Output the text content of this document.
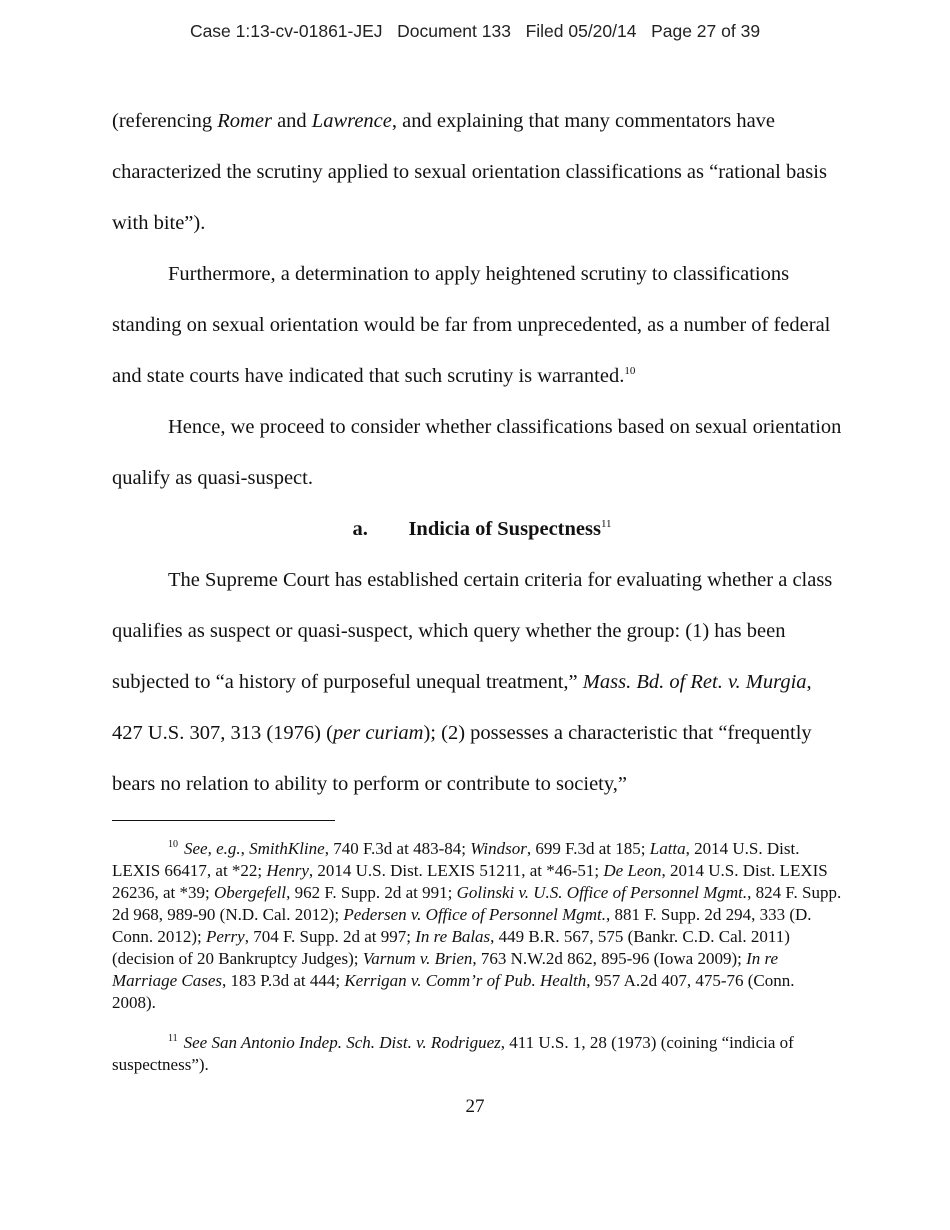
Case 1:13-cv-01861-JEJ Document 133 Filed 05/20/14 Page 27 of 39

(referencing Romer and Lawrence, and explaining that many commentators have characterized the scrutiny applied to sexual orientation classifications as “rational basis with bite”).

Furthermore, a determination to apply heightened scrutiny to classifications standing on sexual orientation would be far from unprecedented, as a number of federal and state courts have indicated that such scrutiny is warranted.$^{10}$

Hence, we proceed to consider whether classifications based on sexual orientation qualify as quasi-suspect.

a. Indicia of Suspectness$^{11}$

The Supreme Court has established certain criteria for evaluating whether a class qualifies as suspect or quasi-suspect, which query whether the group: (1) has been subjected to “a history of purposeful unequal treatment,” Mass. Bd. of Ret. v. Murgia, 427 U.S. 307, 313 (1976) (per curiam); (2) possesses a characteristic that “frequently bears no relation to ability to perform or contribute to society,”

$^{10}$ See, e.g., SmithKline, 740 F.3d at 483-84; Windsor, 699 F.3d at 185; Latta, 2014 U.S. Dist. LEXIS 66417, at *22; Henry, 2014 U.S. Dist. LEXIS 51211, at *46-51; De Leon, 2014 U.S. Dist. LEXIS 26236, at *39; Obergefell, 962 F. Supp. 2d at 991; Golinski v. U.S. Office of Personnel Mgmt., 824 F. Supp. 2d 968, 989-90 (N.D. Cal. 2012); Pedersen v. Office of Personnel Mgmt., 881 F. Supp. 2d 294, 333 (D. Conn. 2012); Perry, 704 F. Supp. 2d at 997; In re Balas, 449 B.R. 567, 575 (Bankr. C.D. Cal. 2011) (decision of 20 Bankruptcy Judges); Varnum v. Brien, 763 N.W.2d 862, 895-96 (Iowa 2009); In re Marriage Cases, 183 P.3d at 444; Kerrigan v. Comm’r of Pub. Health, 957 A.2d 407, 475-76 (Conn. 2008).

$^{11}$ See San Antonio Indep. Sch. Dist. v. Rodriguez, 411 U.S. 1, 28 (1973) (coining “indicia of suspectness”).

27
